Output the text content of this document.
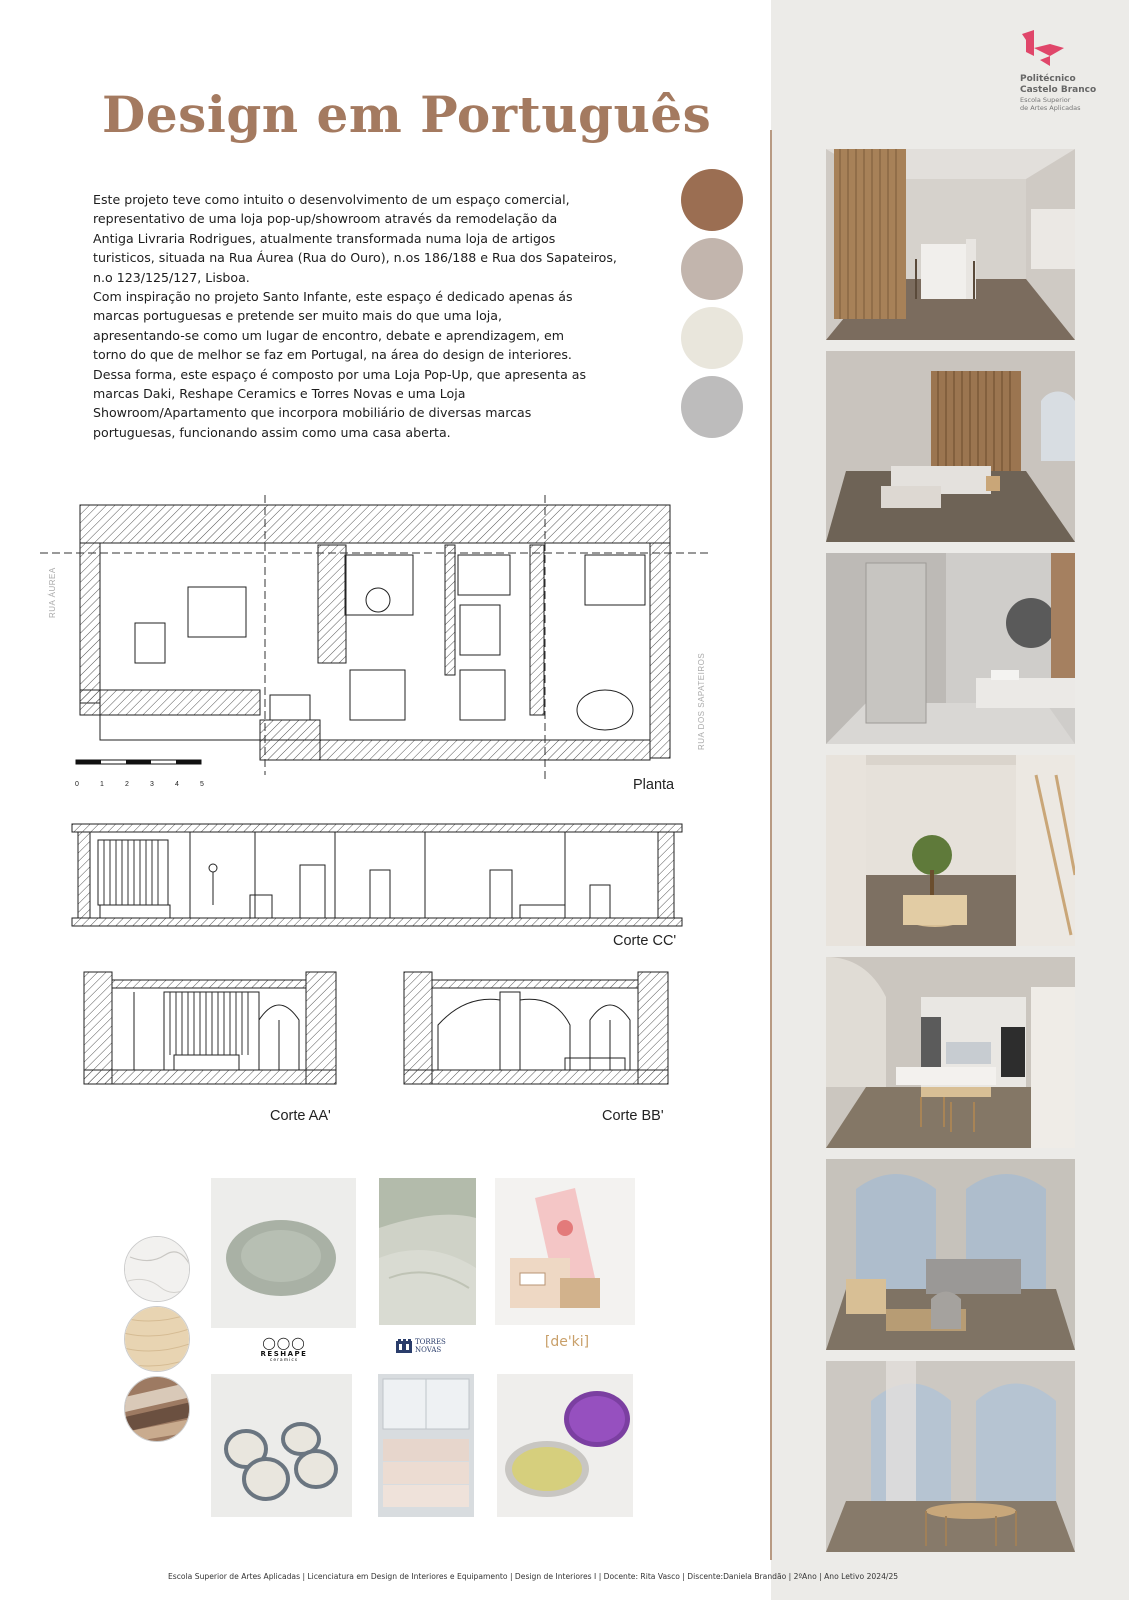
Politécnico
Castelo Branco
Escola Superior
de Artes Aplicadas
Design em Português

Este projeto teve como intuito o desenvolvimento de um espaço comercial,
representativo de uma loja pop-up/showroom através da remodelação da
Antiga Livraria Rodrigues, atualmente transformada numa loja de artigos
turisticos, situada na Rua Áurea (Rua do Ouro), n.os 186/188 e Rua dos Sapateiros,
n.o 123/125/127, Lisboa.
Com inspiração no projeto Santo Infante, este espaço é dedicado apenas ás
marcas portuguesas e pretende ser muito mais do que uma loja,
apresentando-se como um lugar de encontro, debate e aprendizagem, em
torno do que de melhor se faz em Portugal, na área do design de interiores.
Dessa forma, este espaço é composto por uma Loja Pop-Up, que apresenta as
marcas Daki, Reshape Ceramics e Torres Novas e uma Loja
Showroom/Apartamento que incorpora mobiliário de diversas marcas
portuguesas, funcionando assim como uma casa aberta.

RUA ÁUREA
RUA DOS SAPATEIROS
0	1	2	3	4	5	Planta
Corte CC'
Corte AA'	Corte BB'
◯◯◯
RESHAPE
ceramics
TORRES
NOVAS	[de'ki]
Escola Superior de Artes Aplicadas | Licenciatura em Design de Interiores e Equipamento | Design de Interiores I | Docente: Rita Vasco | Discente:Daniela Brandão | 2ºAno | Ano Letivo 2024/25
